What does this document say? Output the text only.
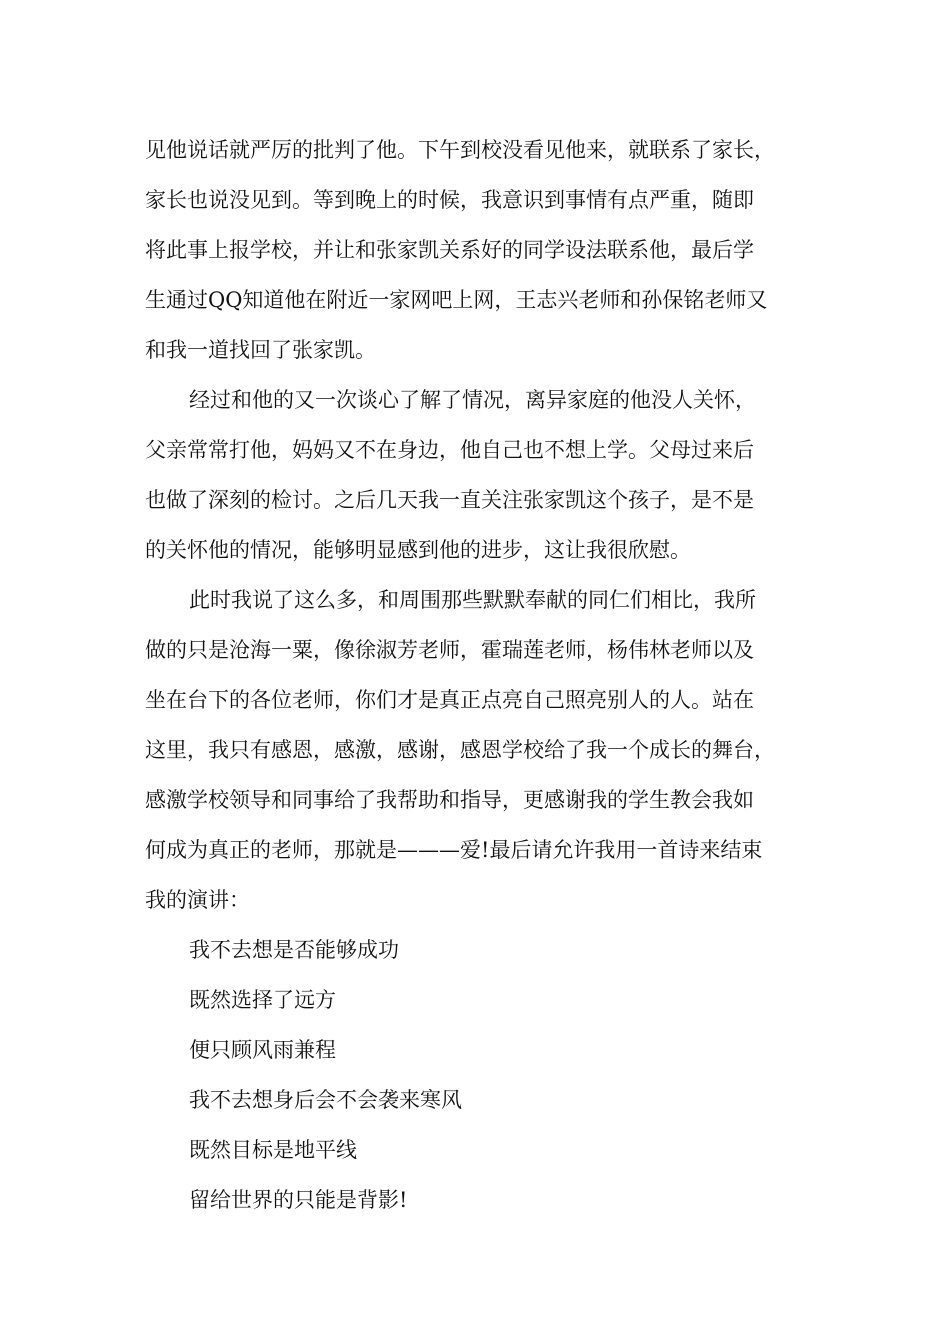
见他说话就严厉的批判了他。下午到校没看见他来，就联系了家长，
家长也说没见到。等到晚上的时候，我意识到事情有点严重，随即
将此事上报学校，并让和张家凯关系好的同学设法联系他，最后学
生通过QQ知道他在附近一家网吧上网，王志兴老师和孙保铭老师又
和我一道找回了张家凯。
经过和他的又一次谈心了解了情况，离异家庭的他没人关怀，
父亲常常打他，妈妈又不在身边，他自己也不想上学。父母过来后
也做了深刻的检讨。之后几天我一直关注张家凯这个孩子，是不是
的关怀他的情况，能够明显感到他的进步，这让我很欣慰。
此时我说了这么多，和周围那些默默奉献的同仁们相比，我所
做的只是沧海一粟，像徐淑芳老师，霍瑞莲老师，杨伟林老师以及
坐在台下的各位老师，你们才是真正点亮自己照亮别人的人。站在
这里，我只有感恩，感激，感谢，感恩学校给了我一个成长的舞台，
感激学校领导和同事给了我帮助和指导，更感谢我的学生教会我如
何成为真正的老师，那就是———爱!最后请允许我用一首诗来结束
我的演讲：
我不去想是否能够成功
既然选择了远方
便只顾风雨兼程
我不去想身后会不会袭来寒风
既然目标是地平线
留给世界的只能是背影!
